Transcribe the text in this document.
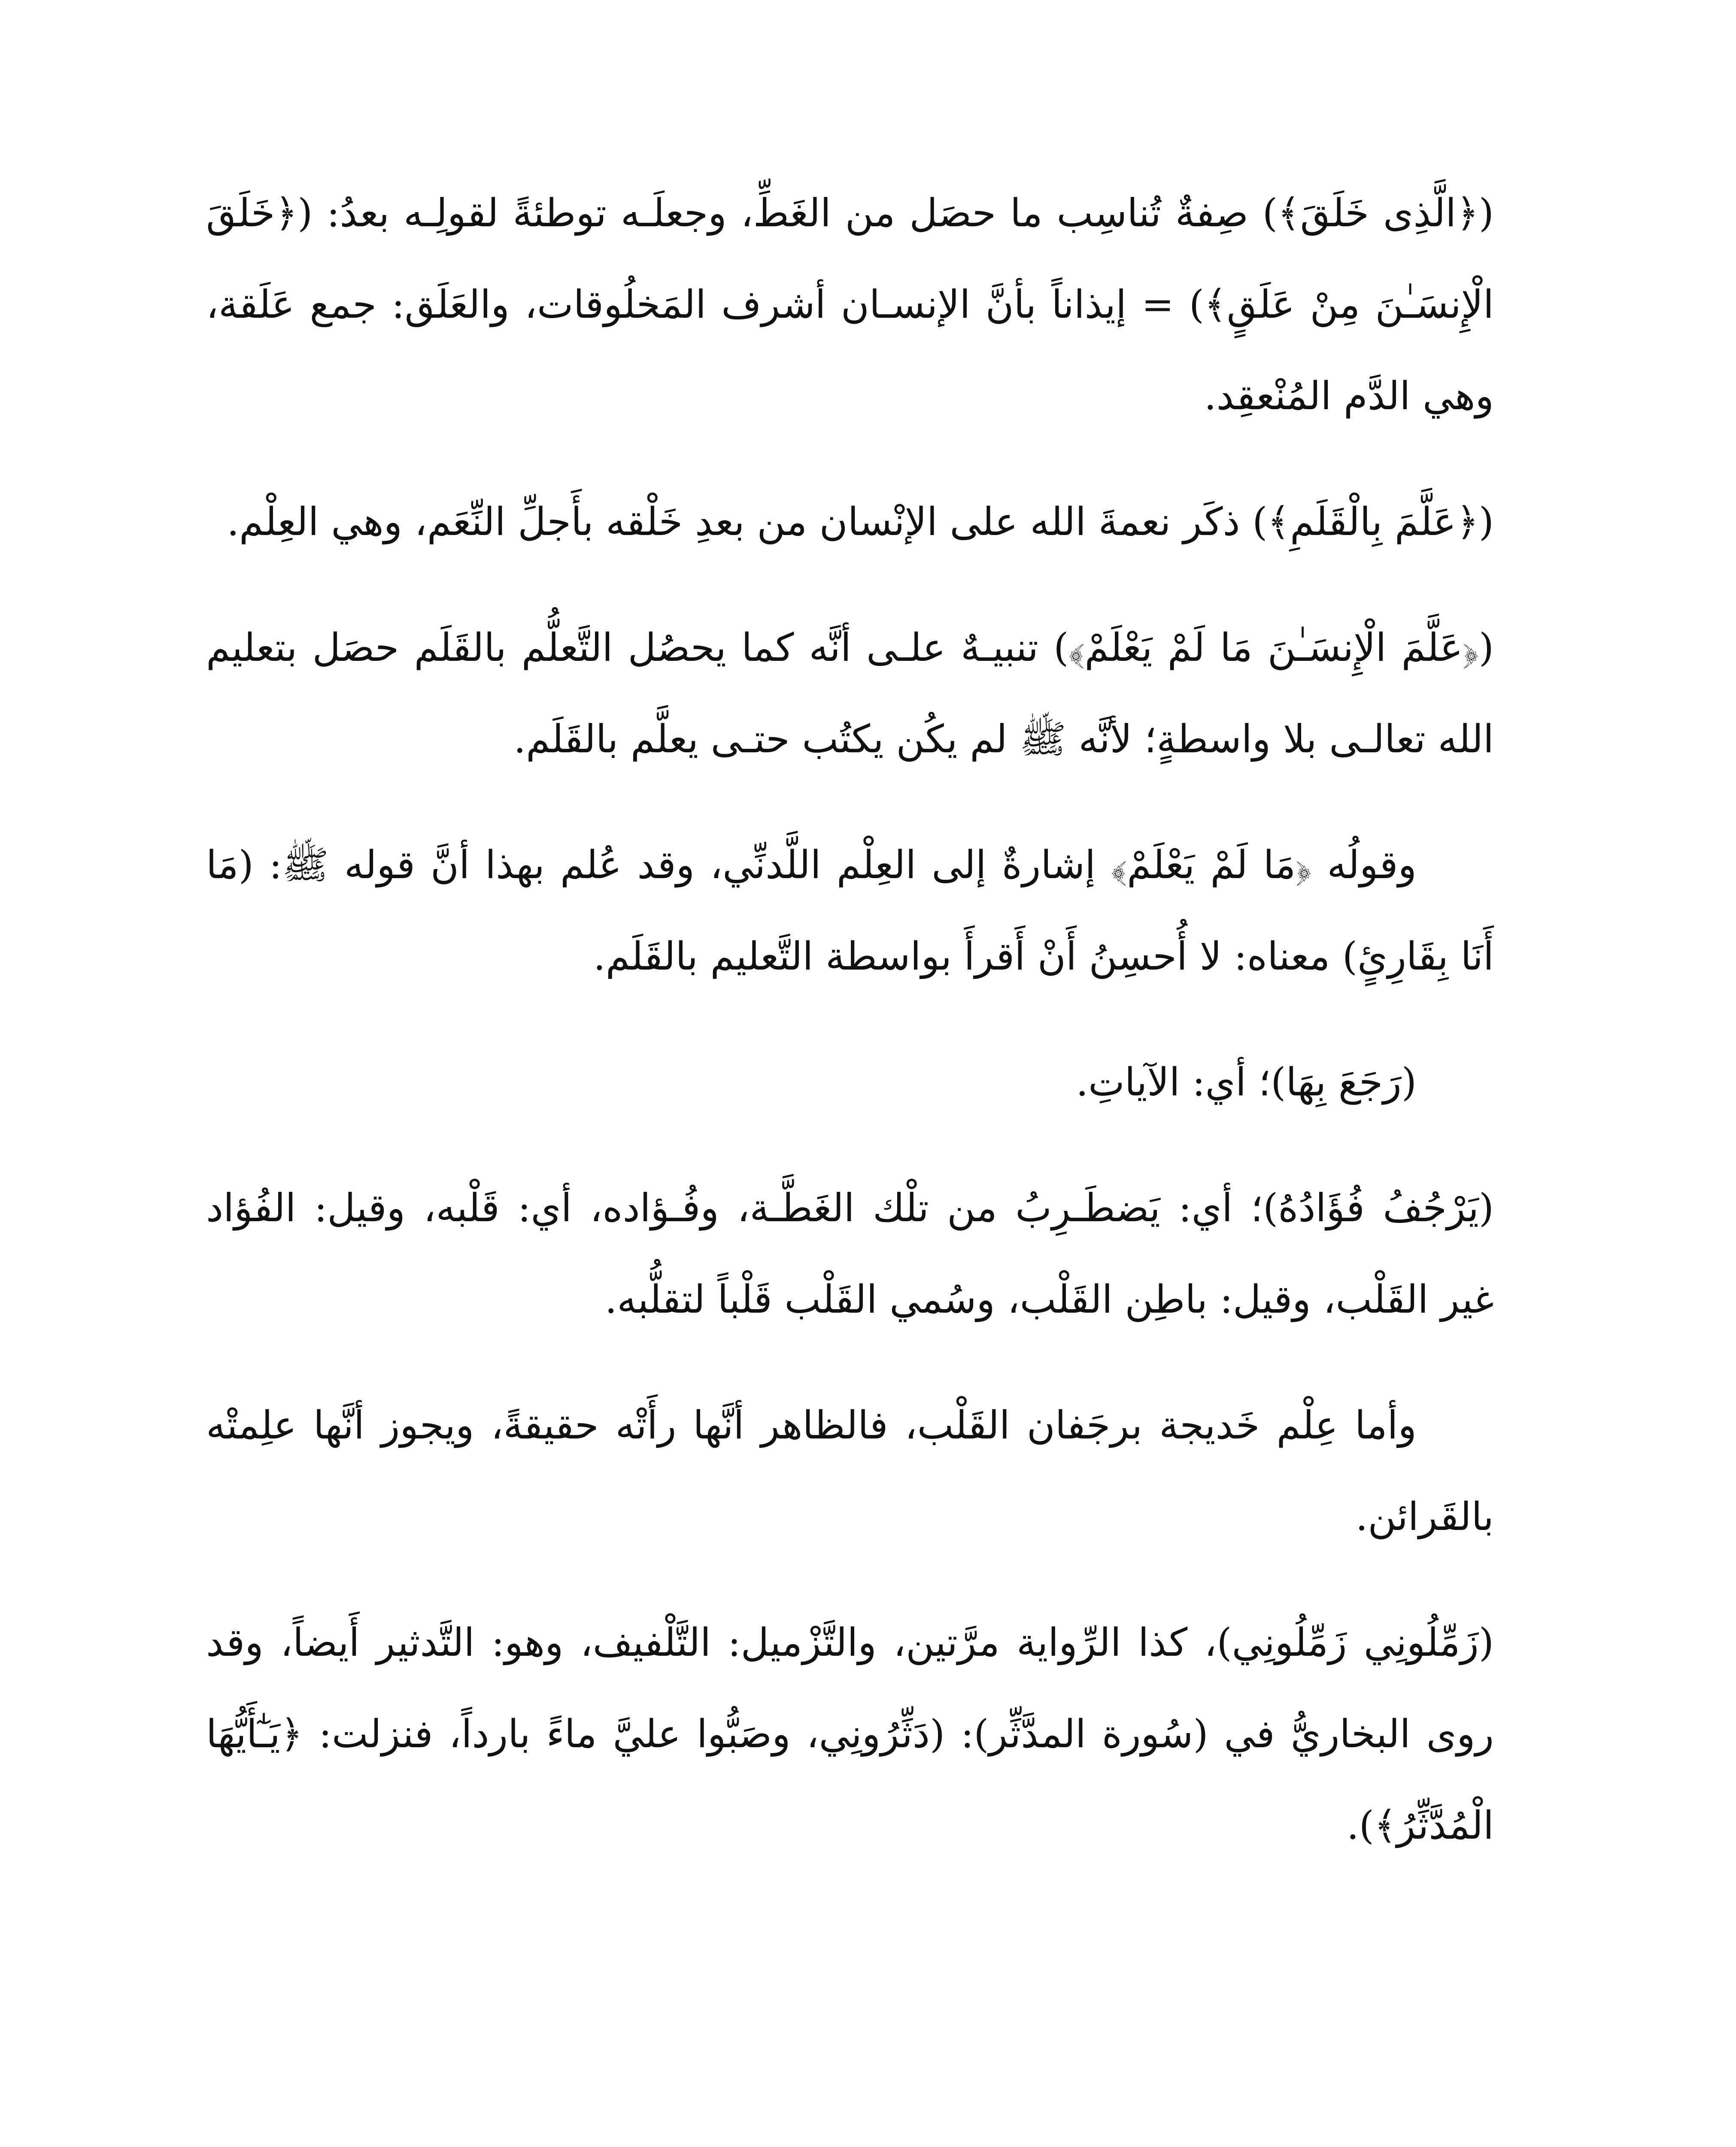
(﴿الَّذِى خَلَقَ﴾) صِفةٌ تُناسِب ما حصَل من الغَطِّ، وجعلَـه توطئةً لقولِـه بعدُ: (﴿خَلَقَ الْإِنسَـٰنَ مِنْ عَلَقٍ﴾) = إيذاناً بأنَّ الإنسـان أشرف المَخلُوقات، والعَلَق: جمع عَلَقة، وهي الدَّم المُنْعقِد.

(﴿عَلَّمَ بِالْقَلَمِ﴾) ذكَر نعمةَ الله على الإنْسان من بعدِ خَلْقه بأَجلِّ النِّعَم، وهي العِلْم.

(﴿عَلَّمَ الْإِنسَـٰنَ مَا لَمْ يَعْلَمْ﴾) تنبيـهٌ علـى أنَّه كما يحصُل التَّعلُّم بالقَلَم حصَل بتعليم الله تعالـى بلا واسطةٍ؛ لأنَّه ﷺ لم يكُن يكتُب حتـى يعلَّم بالقَلَم.

وقولُه ﴿مَا لَمْ يَعْلَمْ﴾ إشارةٌ إلى العِلْم اللَّدنِّي، وقد عُلم بهذا أنَّ قوله ﷺ: (مَا أَنَا بِقَارِئٍ) معناه: لا أُحسِنُ أَنْ أَقرأَ بواسطة التَّعليم بالقَلَم.

(رَجَعَ بِهَا)؛ أي: الآياتِ.

(يَرْجُفُ فُؤَادُهُ)؛ أي: يَضطَـرِبُ من تلْك الغَطَّـة، وفُـؤاده، أي: قَلْبه، وقيل: الفُؤاد غير القَلْب، وقيل: باطِن القَلْب، وسُمي القَلْب قَلْباً لتقلُّبه.

وأما عِلْم خَديجة برجَفان القَلْب، فالظاهر أنَّها رأَتْه حقيقةً، ويجوز أنَّها علِمتْه بالقَرائن.

(زَمِّلُونِي زَمِّلُونِي)، كذا الرِّواية مرَّتين، والتَّزْميل: التَّلْفيف، وهو: التَّدثير أَيضاً، وقد روى البخاريُّ في (سُورة المدَّثِّر): (دَثِّرُونِي، وصَبُّوا عليَّ ماءً بارداً، فنزلت: ﴿يَـٰٓأَيُّهَا الْمُدَّثِّرُ﴾).
